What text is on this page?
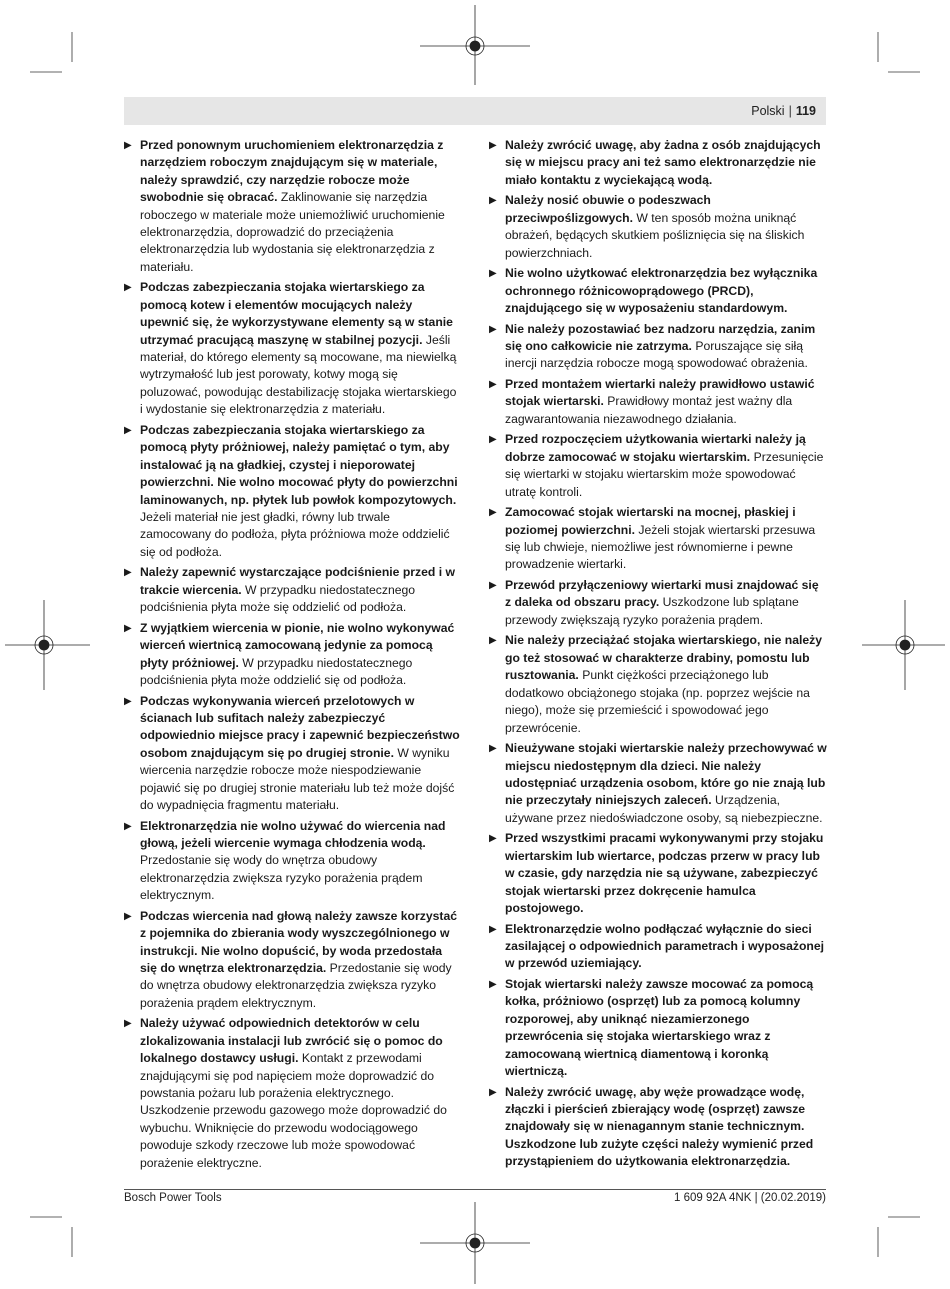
Polski | 119
▶ Przed ponownym uruchomieniem elektronarzędzia z narzędziem roboczym znajdującym się w materiale, należy sprawdzić, czy narzędzie robocze może swobodnie się obracać. Zaklinowanie się narzędzia roboczego w materiale może uniemożliwić uruchomienie elektronarzędzia, doprowadzić do przeciążenia elektronarzędzia lub wydostania się elektronarzędzia z materiału.
▶ Podczas zabezpieczania stojaka wiertarskiego za pomocą kotew i elementów mocujących należy upewnić się, że wykorzystywane elementy są w stanie utrzymać pracującą maszynę w stabilnej pozycji. Jeśli materiał, do którego elementy są mocowane, ma niewielką wytrzymałość lub jest porowaty, kotwy mogą się poluzować, powodując destabilizację stojaka wiertarskiego i wydostanie się elektronarzędzia z materiału.
▶ Podczas zabezpieczania stojaka wiertarskiego za pomocą płyty próżniowej, należy pamiętać o tym, aby instalować ją na gładkiej, czystej i nieporowatej powierzchni. Nie wolno mocować płyty do powierzchni laminowanych, np. płytek lub powłok kompozytowych. Jeżeli materiał nie jest gładki, równy lub trwale zamocowany do podłoża, płyta próżniowa może oddzielić się od podłoża.
▶ Należy zapewnić wystarczające podciśnienie przed i w trakcie wiercenia. W przypadku niedostatecznego podciśnienia płyta może się oddzielić od podłoża.
▶ Z wyjątkiem wiercenia w pionie, nie wolno wykonywać wierceń wiertnicą zamocowaną jedynie za pomocą płyty próżniowej. W przypadku niedostatecznego podciśnienia płyta może oddzielić się od podłoża.
▶ Podczas wykonywania wierceń przelotowych w ścianach lub sufitach należy zabezpieczyć odpowiednio miejsce pracy i zapewnić bezpieczeństwo osobom znajdującym się po drugiej stronie. W wyniku wiercenia narzędzie robocze może niespodziewanie pojawić się po drugiej stronie materiału lub też może dojść do wypadnięcia fragmentu materiału.
▶ Elektronarzędzia nie wolno używać do wiercenia nad głową, jeżeli wiercenie wymaga chłodzenia wodą. Przedostanie się wody do wnętrza obudowy elektronarzędzia zwiększa ryzyko porażenia prądem elektrycznym.
▶ Podczas wiercenia nad głową należy zawsze korzystać z pojemnika do zbierania wody wyszczególnionego w instrukcji. Nie wolno dopuścić, by woda przedostała się do wnętrza elektronarzędzia. Przedostanie się wody do wnętrza obudowy elektronarzędzia zwiększa ryzyko porażenia prądem elektrycznym.
▶ Należy używać odpowiednich detektorów w celu zlokalizowania instalacji lub zwrócić się o pomoc do lokalnego dostawcy usługi. Kontakt z przewodami znajdującymi się pod napięciem może doprowadzić do powstania pożaru lub porażenia elektrycznego. Uszkodzenie przewodu gazowego może doprowadzić do wybuchu. Wniknięcie do przewodu wodociągowego powoduje szkody rzeczowe lub może spowodować porażenie elektryczne.
▶ Należy zwrócić uwagę, aby żadna z osób znajdujących się w miejscu pracy ani też samo elektronarzędzie nie miało kontaktu z wyciekającą wodą.
▶ Należy nosić obuwie o podeszwach przeciwpoślizgowych. W ten sposób można uniknąć obrażeń, będących skutkiem pośliznięcia się na śliskich powierzchniach.
▶ Nie wolno użytkować elektronarzędzia bez wyłącznika ochronnego różnicowoprądowego (PRCD), znajdującego się w wyposażeniu standardowym.
▶ Nie należy pozostawiać bez nadzoru narzędzia, zanim się ono całkowicie nie zatrzyma. Poruszające się siłą inercji narzędzia robocze mogą spowodować obrażenia.
▶ Przed montażem wiertarki należy prawidłowo ustawić stojak wiertarski. Prawidłowy montaż jest ważny dla zagwarantowania niezawodnego działania.
▶ Przed rozpoczęciem użytkowania wiertarki należy ją dobrze zamocować w stojaku wiertarskim. Przesunięcie się wiertarki w stojaku wiertarskim może spowodować utratę kontroli.
▶ Zamocować stojak wiertarski na mocnej, płaskiej i poziomej powierzchni. Jeżeli stojak wiertarski przesuwa się lub chwieje, niemożliwe jest równomierne i pewne prowadzenie wiertarki.
▶ Przewód przyłączeniowy wiertarki musi znajdować się z daleka od obszaru pracy. Uszkodzone lub splątane przewody zwiększają ryzyko porażenia prądem.
▶ Nie należy przeciążać stojaka wiertarskiego, nie należy go też stosować w charakterze drabiny, pomostu lub rusztowania. Punkt ciężkości przeciążonego lub dodatkowo obciążonego stojaka (np. poprzez wejście na niego), może się przemieścić i spowodować jego przewrócenie.
▶ Nieużywane stojaki wiertarskie należy przechowywać w miejscu niedostępnym dla dzieci. Nie należy udostępniać urządzenia osobom, które go nie znają lub nie przeczytały niniejszych zaleceń. Urządzenia, używane przez niedoświadczone osoby, są niebezpieczne.
▶ Przed wszystkimi pracami wykonywanymi przy stojaku wiertarskim lub wiertarce, podczas przerw w pracy lub w czasie, gdy narzędzia nie są używane, zabezpieczyć stojak wiertarski przez dokręcenie hamulca postojowego.
▶ Elektronarzędzie wolno podłączać wyłącznie do sieci zasilającej o odpowiednich parametrach i wyposażonej w przewód uziemiający.
▶ Stojak wiertarski należy zawsze mocować za pomocą kołka, próżniowo (osprzęt) lub za pomocą kolumny rozporowej, aby uniknąć niezamierzonego przewrócenia się stojaka wiertarskiego wraz z zamocowaną wiertnicą diamentową i koronką wiertniczą.
▶ Należy zwrócić uwagę, aby węże prowadzące wodę, złączki i pierścień zbierający wodę (osprzęt) zawsze znajdowały się w nienagannym stanie technicznym. Uszkodzone lub zużyte części należy wymienić przed przystąpieniem do użytkowania elektronarzędzia.
Bosch Power Tools	1 609 92A 4NK | (20.02.2019)
